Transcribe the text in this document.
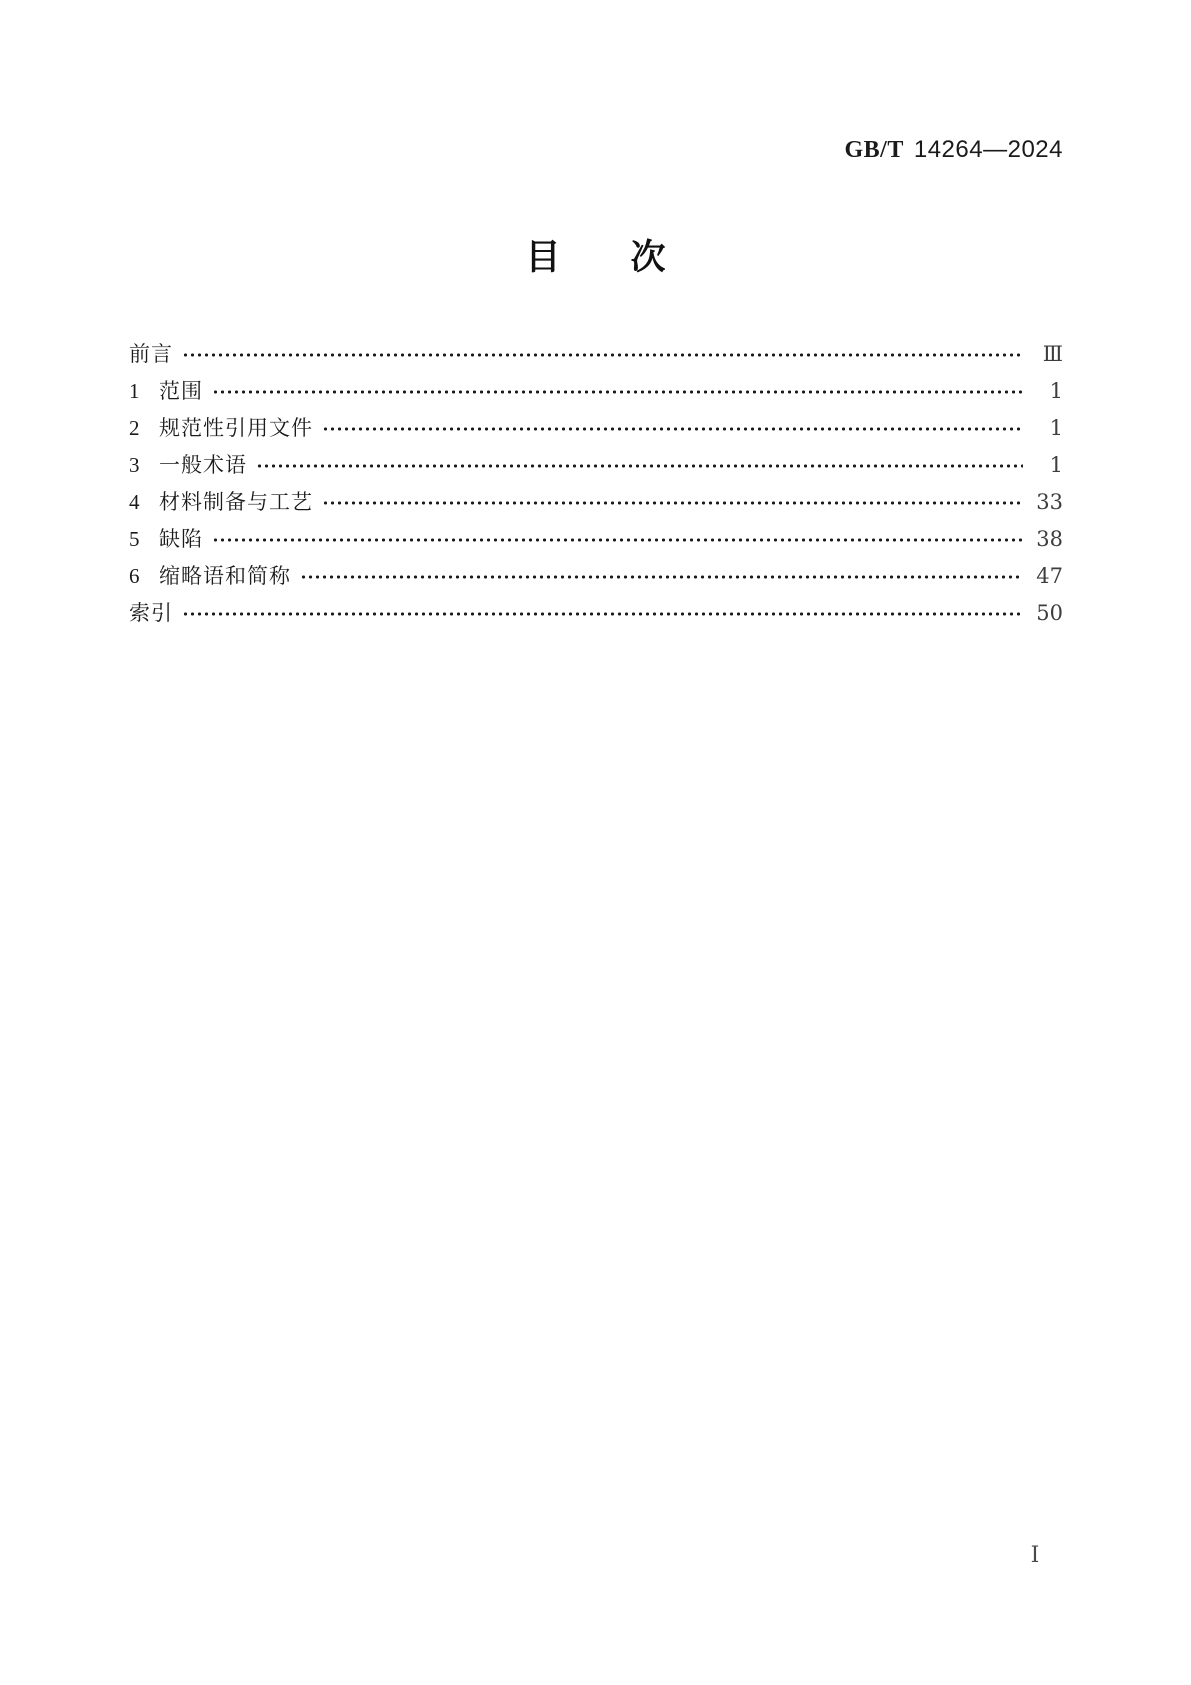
GB/T 14264—2024
目　　次
前言	Ⅲ
1 范围	1
2 规范性引用文件	1
3 一般术语	1
4 材料制备与工艺	33
5 缺陷	38
6 缩略语和简称	47
索引	50
Ⅰ
